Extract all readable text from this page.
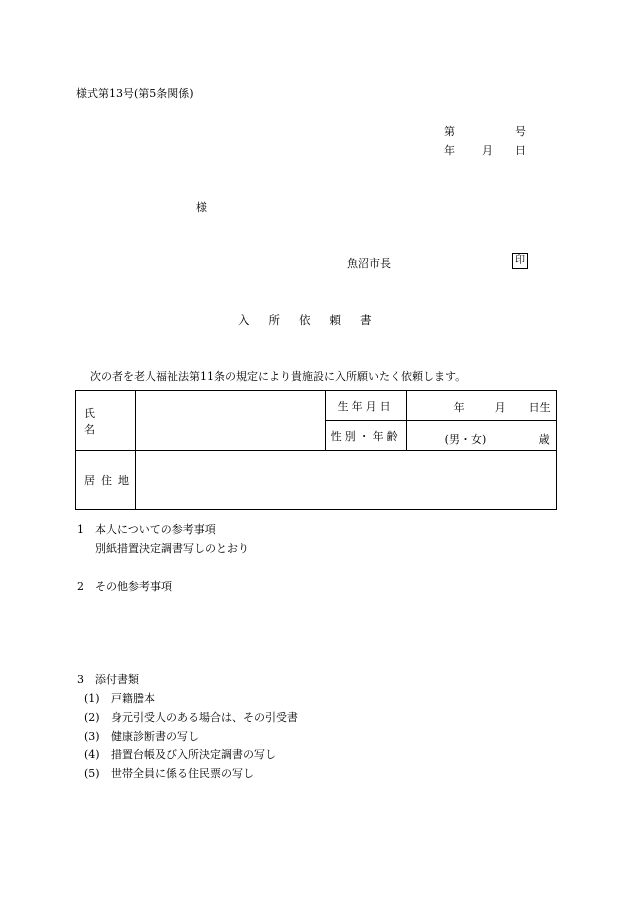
様式第13号(第5条関係)
第	号
年 月 日
様
魚沼市長	印
入所依頼書
次の者を老人福祉法第11条の規定により貴施設に入所願いたく依頼します。
氏名		生年月日	年 月 日生

		性別・年齢	(男・女) 歳

居住地			
1　本人についての参考事項
別紙措置決定調書写しのとおり
2　その他参考事項
3　添付書類
(1) 戸籍謄本
(2) 身元引受人のある場合は、その引受書
(3) 健康診断書の写し
(4) 措置台帳及び入所決定調書の写し
(5) 世帯全員に係る住民票の写し
